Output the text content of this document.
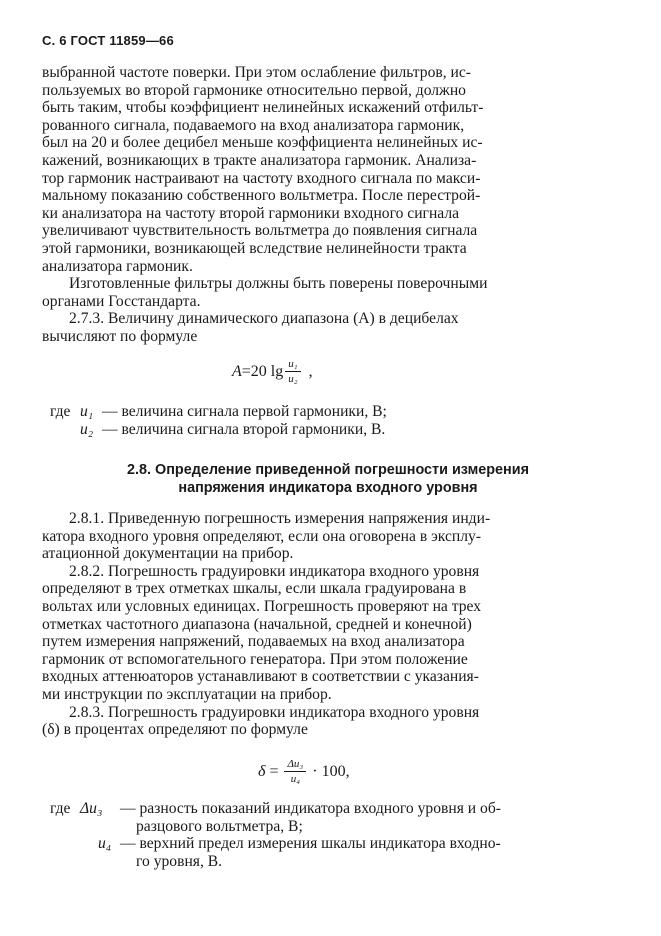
С. 6 ГОСТ 11859—66

выбранной частоте поверки. При этом ослабление фильтров, ис-
пользуемых во второй гармонике относительно первой, должно
быть таким, чтобы коэффициент нелинейных искажений отфильт-
рованного сигнала, подаваемого на вход анализатора гармоник,
был на 20 и более децибел меньше коэффициента нелинейных ис-
кажений, возникающих в тракте анализатора гармоник. Анализа-
тор гармоник настраивают на частоту входного сигнала по макси-
мальному показанию собственного вольтметра. После перестрой-
ки анализатора на частоту второй гармоники входного сигнала
увеличивают чувствительность вольтметра до появления сигнала
этой гармоники, возникающей вследствие нелинейности тракта
анализатора гармоник.

Изготовленные фильтры должны быть поверены поверочными
органами Госстандарта.

2.7.3. Величину динамического диапазона (A) в децибелах
вычисляют по формуле

A =20 $\lg \frac{\text{u₁}}{\text{u₂}}$ ,
где u₁ — величина сигнала первой гармоники, В;
u₂ — величина сигнала второй гармоники, В.
2.8. Определение приведенной погрешности измерения
напряжения индикатора входного уровня

2.8.1. Приведенную погрешность измерения напряжения инди-
катора входного уровня определяют, если она оговорена в эксплу-
атационной документации на прибор.

2.8.2. Погрешность градуировки индикатора входного уровня
определяют в трех отметках шкалы, если шкала градуирована в
вольтах или условных единицах. Погрешность проверяют на трех
отметках частотного диапазона (начальной, средней и конечной)
путем измерения напряжений, подаваемых на вход анализатора
гармоник от вспомогательного генератора. При этом положение
входных аттенюаторов устанавливают в соответствии с указания-
ми инструкции по эксплуатации на прибор.

2.8.3. Погрешность градуировки индикатора входного уровня
(δ) в процентах определяют по формуле

$\delta = \frac{\text{Δu₃}}{\text{u₄}} \cdot 100$,
где Δu₃	— разность показаний индикатора входного уровня и об-
разцового вольтметра, В;
u₄ — верхний предел измерения шкалы индикатора входно-
го уровня, В.
